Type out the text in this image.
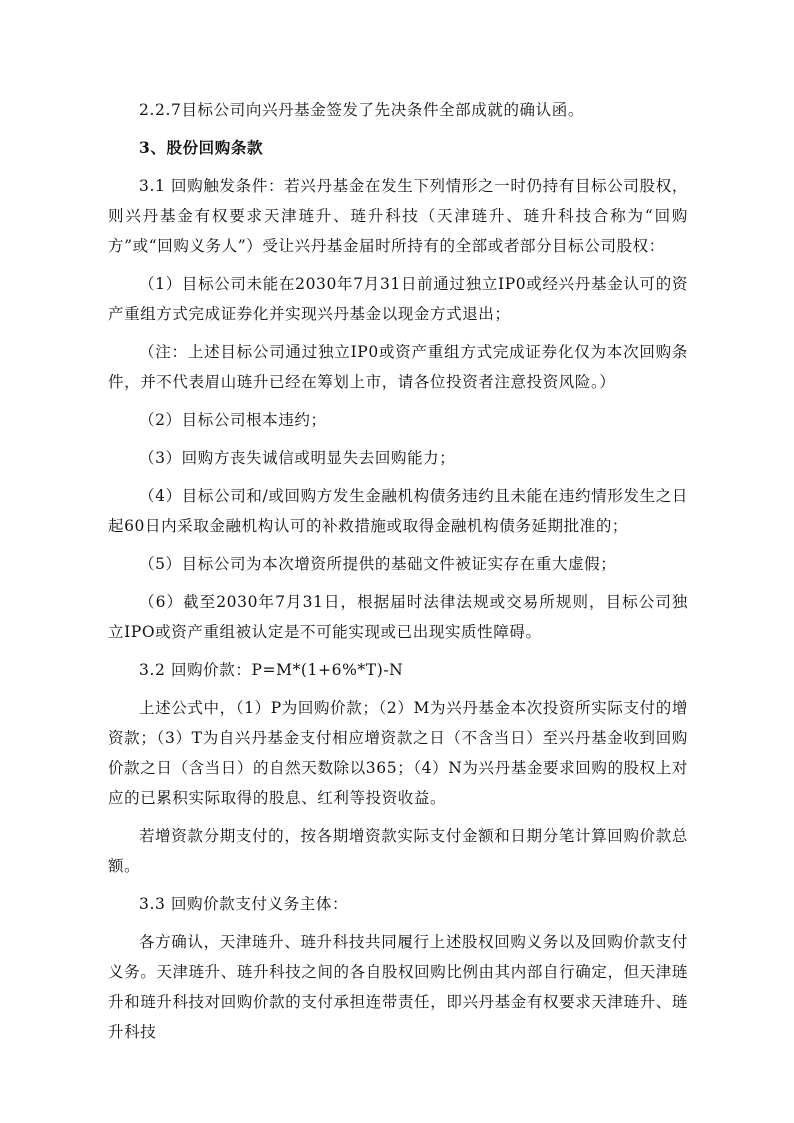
2.2.7目标公司向兴丹基金签发了先决条件全部成就的确认函。

3、股份回购条款

3.1 回购触发条件：若兴丹基金在发生下列情形之一时仍持有目标公司股权，则兴丹基金有权要求天津琏升、琏升科技（天津琏升、琏升科技合称为“回购方”或“回购义务人”）受让兴丹基金届时所持有的全部或者部分目标公司股权：

（1）目标公司未能在2030年7月31日前通过独立IP0或经兴丹基金认可的资产重组方式完成证券化并实现兴丹基金以现金方式退出；

（注：上述目标公司通过独立IP0或资产重组方式完成证券化仅为本次回购条件，并不代表眉山琏升已经在筹划上市，请各位投资者注意投资风险。）

（2）目标公司根本违约；

（3）回购方丧失诚信或明显失去回购能力；

（4）目标公司和/或回购方发生金融机构债务违约且未能在违约情形发生之日起60日内采取金融机构认可的补救措施或取得金融机构债务延期批准的；

（5）目标公司为本次增资所提供的基础文件被证实存在重大虚假；

（6）截至2030年7月31日，根据届时法律法规或交易所规则，目标公司独立IPO或资产重组被认定是不可能实现或已出现实质性障碍。

3.2 回购价款：P=M*(1+6%*T)-N

上述公式中，（1）P为回购价款；（2）M为兴丹基金本次投资所实际支付的增资款；（3）T为自兴丹基金支付相应增资款之日（不含当日）至兴丹基金收到回购价款之日（含当日）的自然天数除以365；（4）N为兴丹基金要求回购的股权上对应的已累积实际取得的股息、红利等投资收益。

若增资款分期支付的，按各期增资款实际支付金额和日期分笔计算回购价款总额。

3.3 回购价款支付义务主体：

各方确认，天津琏升、琏升科技共同履行上述股权回购义务以及回购价款支付义务。天津琏升、琏升科技之间的各自股权回购比例由其内部自行确定，但天津琏升和琏升科技对回购价款的支付承担连带责任，即兴丹基金有权要求天津琏升、琏升科技
